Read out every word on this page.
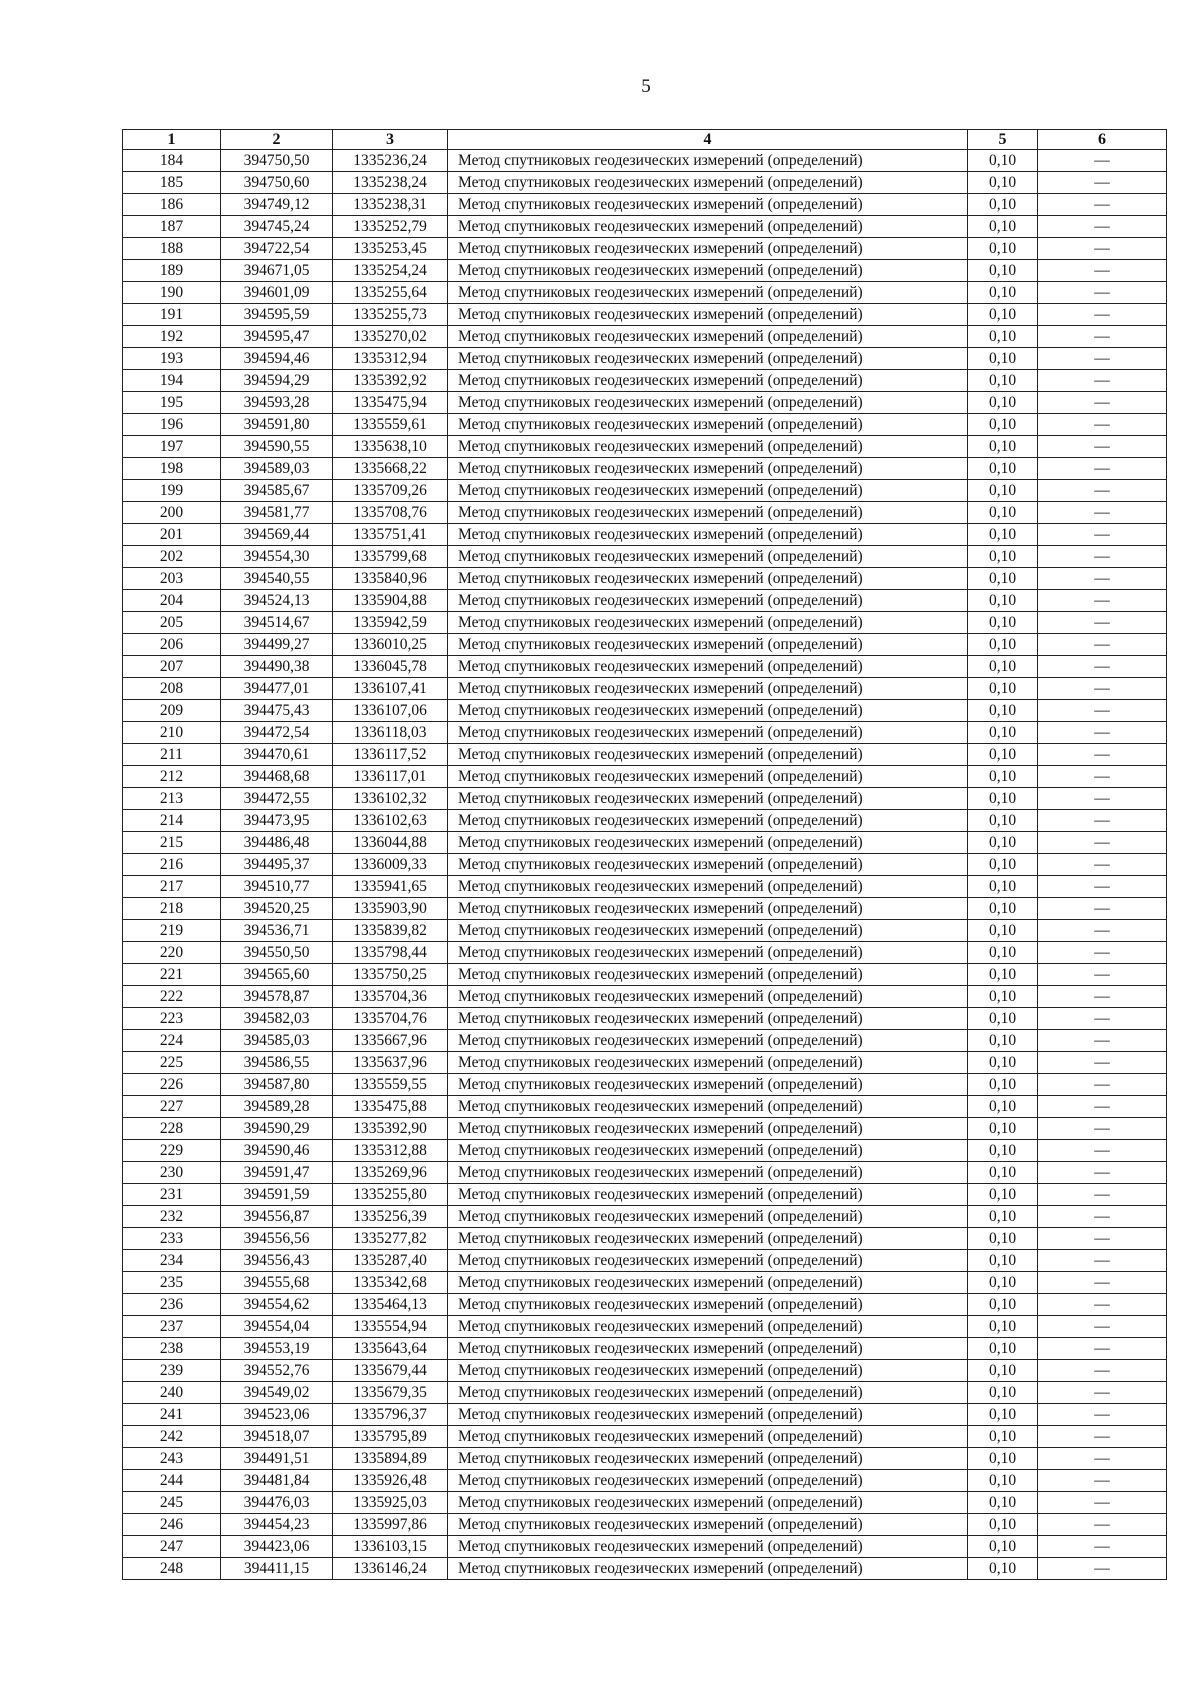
5
1	2	3	4	5	6
184	394750,50	1335236,24	Метод спутниковых геодезических измерений (определений)	0,10	—
185	394750,60	1335238,24	Метод спутниковых геодезических измерений (определений)	0,10	—
186	394749,12	1335238,31	Метод спутниковых геодезических измерений (определений)	0,10	—
187	394745,24	1335252,79	Метод спутниковых геодезических измерений (определений)	0,10	—
188	394722,54	1335253,45	Метод спутниковых геодезических измерений (определений)	0,10	—
189	394671,05	1335254,24	Метод спутниковых геодезических измерений (определений)	0,10	—
190	394601,09	1335255,64	Метод спутниковых геодезических измерений (определений)	0,10	—
191	394595,59	1335255,73	Метод спутниковых геодезических измерений (определений)	0,10	—
192	394595,47	1335270,02	Метод спутниковых геодезических измерений (определений)	0,10	—
193	394594,46	1335312,94	Метод спутниковых геодезических измерений (определений)	0,10	—
194	394594,29	1335392,92	Метод спутниковых геодезических измерений (определений)	0,10	—
195	394593,28	1335475,94	Метод спутниковых геодезических измерений (определений)	0,10	—
196	394591,80	1335559,61	Метод спутниковых геодезических измерений (определений)	0,10	—
197	394590,55	1335638,10	Метод спутниковых геодезических измерений (определений)	0,10	—
198	394589,03	1335668,22	Метод спутниковых геодезических измерений (определений)	0,10	—
199	394585,67	1335709,26	Метод спутниковых геодезических измерений (определений)	0,10	—
200	394581,77	1335708,76	Метод спутниковых геодезических измерений (определений)	0,10	—
201	394569,44	1335751,41	Метод спутниковых геодезических измерений (определений)	0,10	—
202	394554,30	1335799,68	Метод спутниковых геодезических измерений (определений)	0,10	—
203	394540,55	1335840,96	Метод спутниковых геодезических измерений (определений)	0,10	—
204	394524,13	1335904,88	Метод спутниковых геодезических измерений (определений)	0,10	—
205	394514,67	1335942,59	Метод спутниковых геодезических измерений (определений)	0,10	—
206	394499,27	1336010,25	Метод спутниковых геодезических измерений (определений)	0,10	—
207	394490,38	1336045,78	Метод спутниковых геодезических измерений (определений)	0,10	—
208	394477,01	1336107,41	Метод спутниковых геодезических измерений (определений)	0,10	—
209	394475,43	1336107,06	Метод спутниковых геодезических измерений (определений)	0,10	—
210	394472,54	1336118,03	Метод спутниковых геодезических измерений (определений)	0,10	—
211	394470,61	1336117,52	Метод спутниковых геодезических измерений (определений)	0,10	—
212	394468,68	1336117,01	Метод спутниковых геодезических измерений (определений)	0,10	—
213	394472,55	1336102,32	Метод спутниковых геодезических измерений (определений)	0,10	—
214	394473,95	1336102,63	Метод спутниковых геодезических измерений (определений)	0,10	—
215	394486,48	1336044,88	Метод спутниковых геодезических измерений (определений)	0,10	—
216	394495,37	1336009,33	Метод спутниковых геодезических измерений (определений)	0,10	—
217	394510,77	1335941,65	Метод спутниковых геодезических измерений (определений)	0,10	—
218	394520,25	1335903,90	Метод спутниковых геодезических измерений (определений)	0,10	—
219	394536,71	1335839,82	Метод спутниковых геодезических измерений (определений)	0,10	—
220	394550,50	1335798,44	Метод спутниковых геодезических измерений (определений)	0,10	—
221	394565,60	1335750,25	Метод спутниковых геодезических измерений (определений)	0,10	—
222	394578,87	1335704,36	Метод спутниковых геодезических измерений (определений)	0,10	—
223	394582,03	1335704,76	Метод спутниковых геодезических измерений (определений)	0,10	—
224	394585,03	1335667,96	Метод спутниковых геодезических измерений (определений)	0,10	—
225	394586,55	1335637,96	Метод спутниковых геодезических измерений (определений)	0,10	—
226	394587,80	1335559,55	Метод спутниковых геодезических измерений (определений)	0,10	—
227	394589,28	1335475,88	Метод спутниковых геодезических измерений (определений)	0,10	—
228	394590,29	1335392,90	Метод спутниковых геодезических измерений (определений)	0,10	—
229	394590,46	1335312,88	Метод спутниковых геодезических измерений (определений)	0,10	—
230	394591,47	1335269,96	Метод спутниковых геодезических измерений (определений)	0,10	—
231	394591,59	1335255,80	Метод спутниковых геодезических измерений (определений)	0,10	—
232	394556,87	1335256,39	Метод спутниковых геодезических измерений (определений)	0,10	—
233	394556,56	1335277,82	Метод спутниковых геодезических измерений (определений)	0,10	—
234	394556,43	1335287,40	Метод спутниковых геодезических измерений (определений)	0,10	—
235	394555,68	1335342,68	Метод спутниковых геодезических измерений (определений)	0,10	—
236	394554,62	1335464,13	Метод спутниковых геодезических измерений (определений)	0,10	—
237	394554,04	1335554,94	Метод спутниковых геодезических измерений (определений)	0,10	—
238	394553,19	1335643,64	Метод спутниковых геодезических измерений (определений)	0,10	—
239	394552,76	1335679,44	Метод спутниковых геодезических измерений (определений)	0,10	—
240	394549,02	1335679,35	Метод спутниковых геодезических измерений (определений)	0,10	—
241	394523,06	1335796,37	Метод спутниковых геодезических измерений (определений)	0,10	—
242	394518,07	1335795,89	Метод спутниковых геодезических измерений (определений)	0,10	—
243	394491,51	1335894,89	Метод спутниковых геодезических измерений (определений)	0,10	—
244	394481,84	1335926,48	Метод спутниковых геодезических измерений (определений)	0,10	—
245	394476,03	1335925,03	Метод спутниковых геодезических измерений (определений)	0,10	—
246	394454,23	1335997,86	Метод спутниковых геодезических измерений (определений)	0,10	—
247	394423,06	1336103,15	Метод спутниковых геодезических измерений (определений)	0,10	—
248	394411,15	1336146,24	Метод спутниковых геодезических измерений (определений)	0,10	—
